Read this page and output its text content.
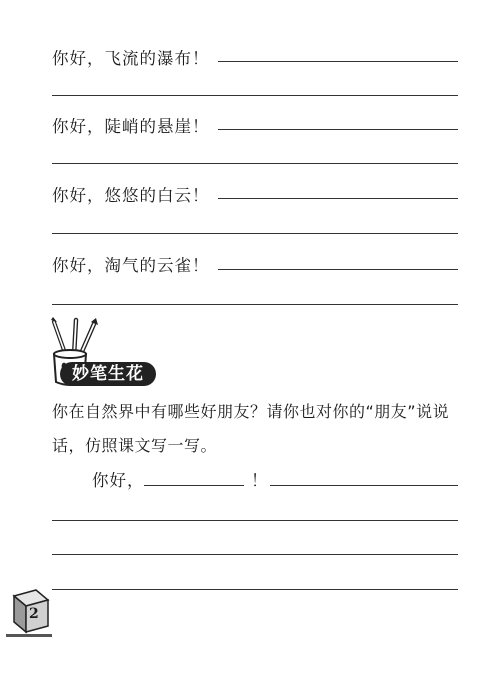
你好，飞流的瀑布！
你好，陡峭的悬崖！
你好，悠悠的白云！
你好，淘气的云雀！
妙笔生花
你在自然界中有哪些好朋友？请你也对你的“朋友”说说
话，仿照课文写一写。
你好，	！
2
